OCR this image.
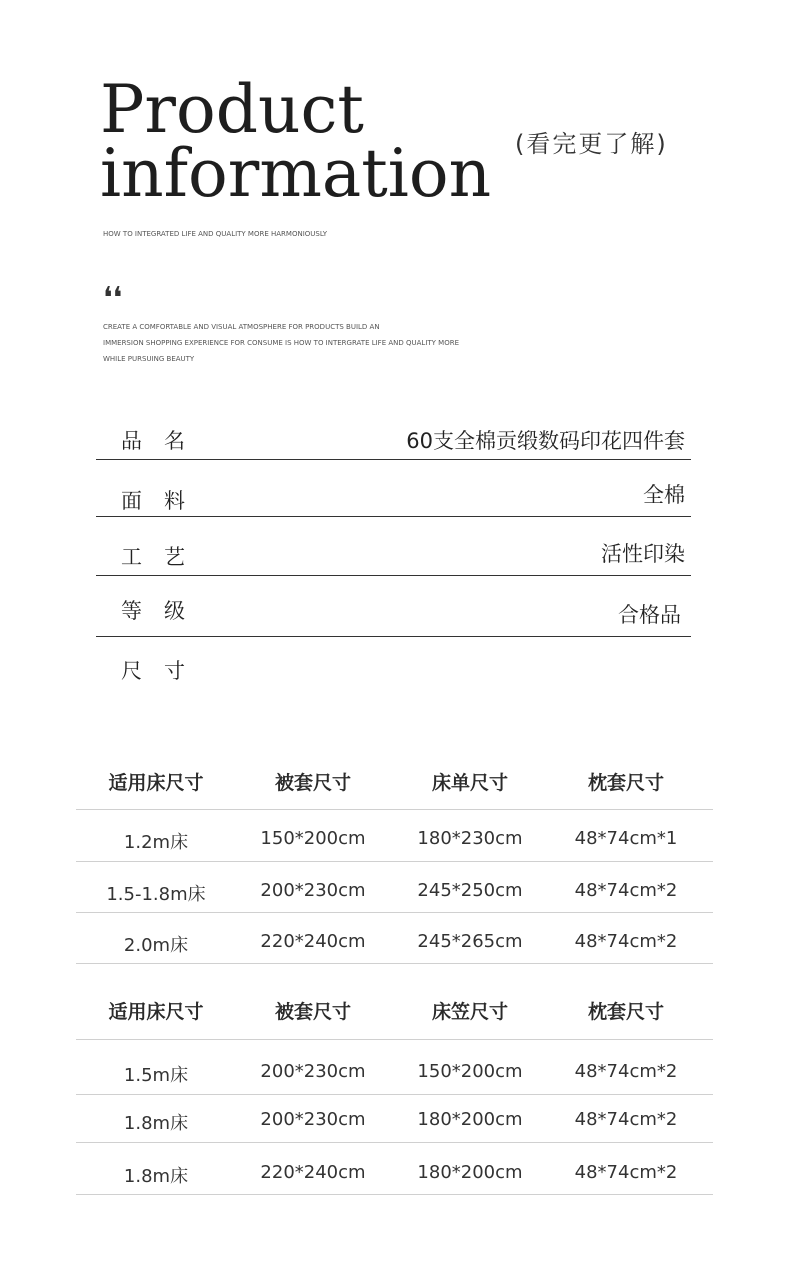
Product
information (看完更了解)
HOW TO INTEGRATED LIFE AND QUALITY MORE HARMONIOUSLY
❛❛
CREATE A COMFORTABLE AND VISUAL ATMOSPHERE FOR PRODUCTS BUILD AN
IMMERSION SHOPPING EXPERIENCE FOR CONSUME IS HOW TO INTERGRATE LIFE AND QUALITY MORE
WHILE PURSUING BEAUTY
品名	60支全棉贡缎数码印花四件套
面料	全棉
工艺	活性印染
等级	合格品
尺寸
适用床尺寸	被套尺寸	床单尺寸	枕套尺寸
1.2m床	150*200cm	180*230cm	48*74cm*1
1.5-1.8m床	200*230cm	245*250cm	48*74cm*2
2.0m床	220*240cm	245*265cm	48*74cm*2
适用床尺寸	被套尺寸	床笠尺寸	枕套尺寸
1.5m床	200*230cm	150*200cm	48*74cm*2
1.8m床	200*230cm	180*200cm	48*74cm*2
1.8m床	220*240cm	180*200cm	48*74cm*2
